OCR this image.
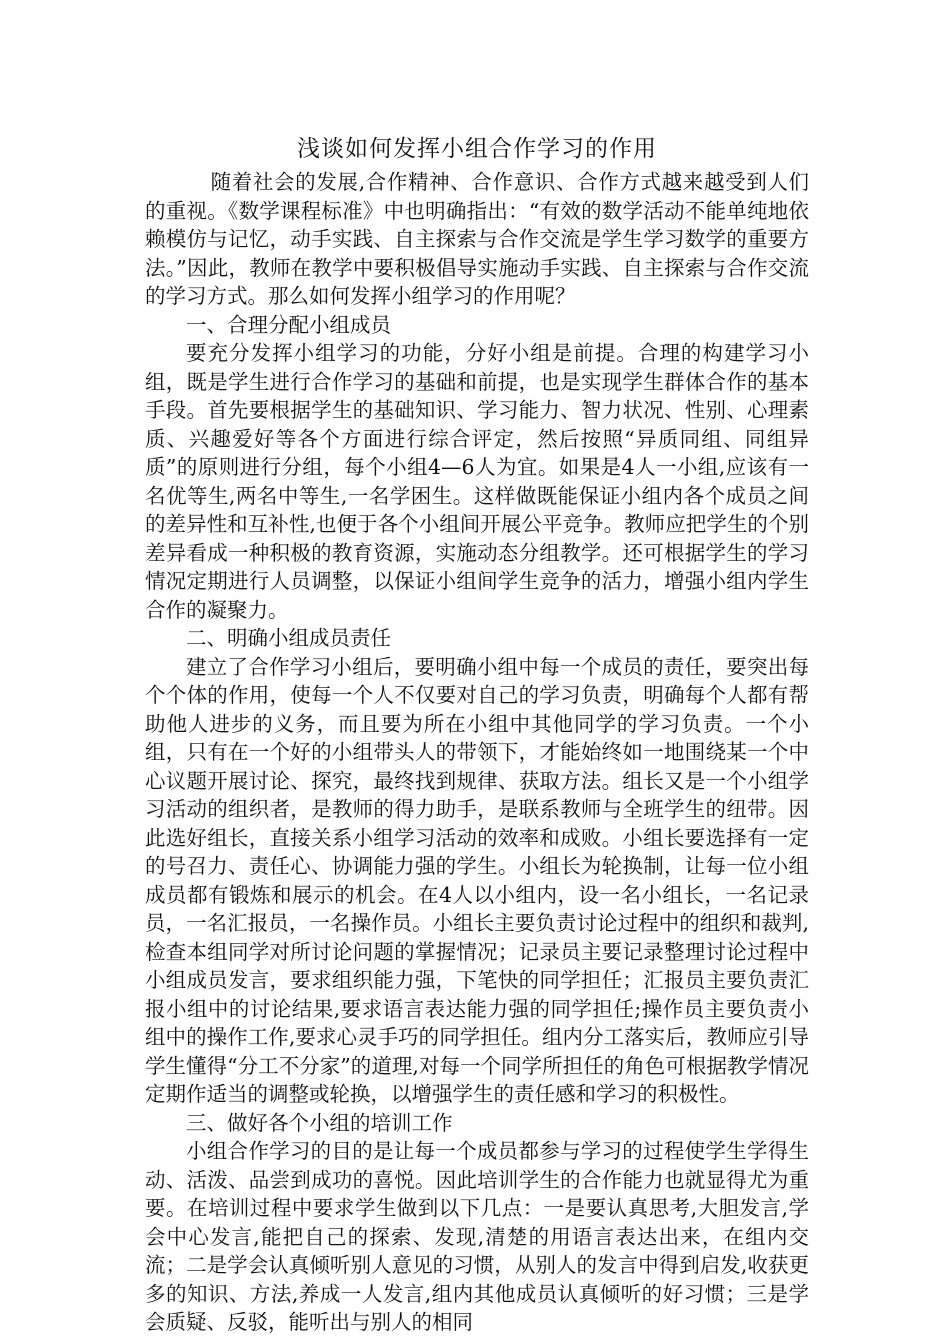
浅谈如何发挥小组合作学习的作用

随着社会的发展,合作精神、合作意识、合作方式越来越受到人们的重视。《数学课程标准》中也明确指出：“有效的数学活动不能单纯地依赖模仿与记忆，动手实践、自主探索与合作交流是学生学习数学的重要方法。”因此，教师在教学中要积极倡导实施动手实践、自主探索与合作交流的学习方式。那么如何发挥小组学习的作用呢？

一、合理分配小组成员

要充分发挥小组学习的功能，分好小组是前提。合理的构建学习小组，既是学生进行合作学习的基础和前提，也是实现学生群体合作的基本手段。首先要根据学生的基础知识、学习能力、智力状况、性别、心理素质、兴趣爱好等各个方面进行综合评定，然后按照“异质同组、同组异质”的原则进行分组，每个小组4—6人为宜。如果是4人一小组,应该有一名优等生,两名中等生,一名学困生。这样做既能保证小组内各个成员之间的差异性和互补性,也便于各个小组间开展公平竞争。教师应把学生的个别差异看成一种积极的教育资源，实施动态分组教学。还可根据学生的学习情况定期进行人员调整，以保证小组间学生竞争的活力，增强小组内学生合作的凝聚力。

二、明确小组成员责任

建立了合作学习小组后，要明确小组中每一个成员的责任，要突出每个个体的作用，使每一个人不仅要对自己的学习负责，明确每个人都有帮助他人进步的义务，而且要为所在小组中其他同学的学习负责。一个小组，只有在一个好的小组带头人的带领下，才能始终如一地围绕某一个中心议题开展讨论、探究，最终找到规律、获取方法。组长又是一个小组学习活动的组织者，是教师的得力助手，是联系教师与全班学生的纽带。因此选好组长，直接关系小组学习活动的效率和成败。小组长要选择有一定的号召力、责任心、协调能力强的学生。小组长为轮换制，让每一位小组成员都有锻炼和展示的机会。在4人以小组内，设一名小组长，一名记录员，一名汇报员，一名操作员。小组长主要负责讨论过程中的组织和裁判,检查本组同学对所讨论问题的掌握情况；记录员主要记录整理讨论过程中小组成员发言，要求组织能力强，下笔快的同学担任；汇报员主要负责汇报小组中的讨论结果,要求语言表达能力强的同学担任;操作员主要负责小组中的操作工作,要求心灵手巧的同学担任。组内分工落实后，教师应引导学生懂得“分工不分家”的道理,对每一个同学所担任的角色可根据教学情况定期作适当的调整或轮换，以增强学生的责任感和学习的积极性。

三、做好各个小组的培训工作

小组合作学习的目的是让每一个成员都参与学习的过程使学生学得生动、活泼、品尝到成功的喜悦。因此培训学生的合作能力也就显得尤为重要。在培训过程中要求学生做到以下几点：一是要认真思考,大胆发言,学会中心发言,能把自己的探索、发现,清楚的用语言表达出来，在组内交流；二是学会认真倾听别人意见的习惯，从别人的发言中得到启发,收获更多的知识、方法,养成一人发言,组内其他成员认真倾听的好习惯；三是学会质疑、反驳，能听出与别人的相同
